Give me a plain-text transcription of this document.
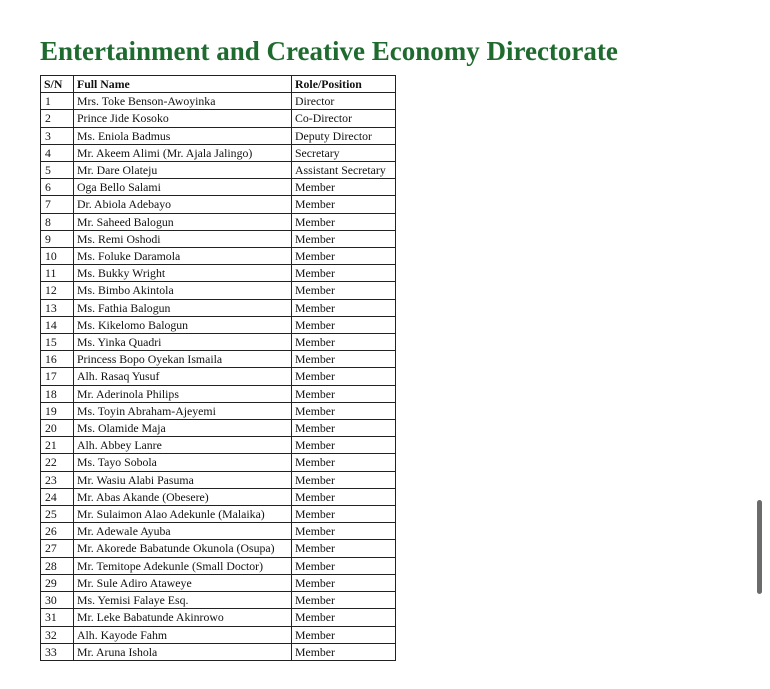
Entertainment and Creative Economy Directorate
S/N	Full Name	Role/Position
1	Mrs. Toke Benson-Awoyinka	Director
2	Prince Jide Kosoko	Co-Director
3	Ms. Eniola Badmus	Deputy Director
4	Mr. Akeem Alimi (Mr. Ajala Jalingo)	Secretary
5	Mr. Dare Olateju	Assistant Secretary
6	Oga Bello Salami	Member
7	Dr. Abiola Adebayo	Member
8	Mr. Saheed Balogun	Member
9	Ms. Remi Oshodi	Member
10	Ms. Foluke Daramola	Member
11	Ms. Bukky Wright	Member
12	Ms. Bimbo Akintola	Member
13	Ms. Fathia Balogun	Member
14	Ms. Kikelomo Balogun	Member
15	Ms. Yinka Quadri	Member
16	Princess Bopo Oyekan Ismaila	Member
17	Alh. Rasaq Yusuf	Member
18	Mr. Aderinola Philips	Member
19	Ms. Toyin Abraham-Ajeyemi	Member
20	Ms. Olamide Maja	Member
21	Alh. Abbey Lanre	Member
22	Ms. Tayo Sobola	Member
23	Mr. Wasiu Alabi Pasuma	Member
24	Mr. Abas Akande (Obesere)	Member
25	Mr. Sulaimon Alao Adekunle (Malaika)	Member
26	Mr. Adewale Ayuba	Member
27	Mr. Akorede Babatunde Okunola (Osupa)	Member
28	Mr. Temitope Adekunle (Small Doctor)	Member
29	Mr. Sule Adiro Ataweye	Member
30	Ms. Yemisi Falaye Esq.	Member
31	Mr. Leke Babatunde Akinrowo	Member
32	Alh. Kayode Fahm	Member
33	Mr. Aruna Ishola	Member
